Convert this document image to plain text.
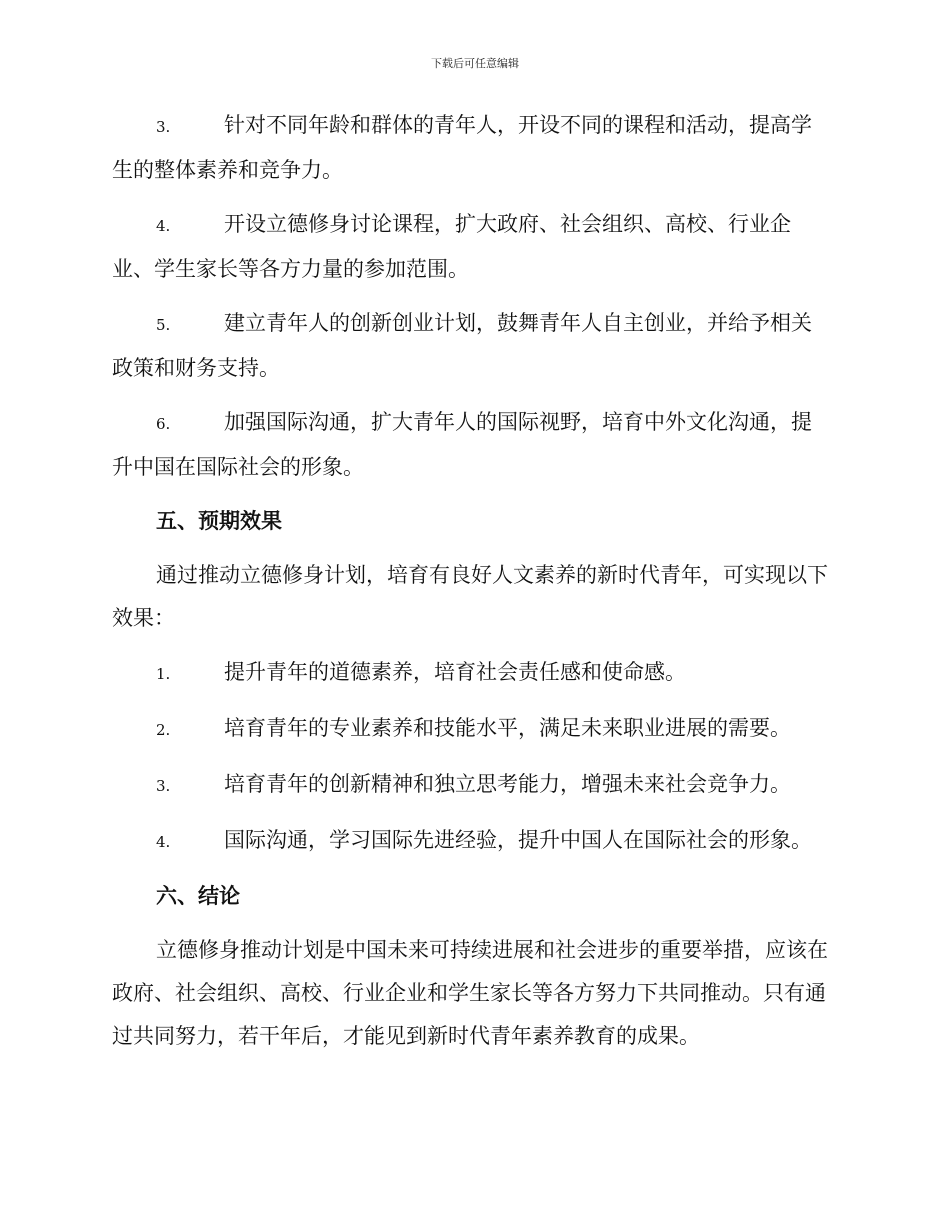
下载后可任意编辑
3.	针对不同年龄和群体的青年人，开设不同的课程和活动，提高学生的整体素养和竞争力。
4.	开设立德修身讨论课程，扩大政府、社会组织、高校、行业企业、学生家长等各方力量的参加范围。
5.	建立青年人的创新创业计划，鼓舞青年人自主创业，并给予相关政策和财务支持。
6.	加强国际沟通，扩大青年人的国际视野，培育中外文化沟通，提升中国在国际社会的形象。
五、预期效果
通过推动立德修身计划，培育有良好人文素养的新时代青年，可实现以下效果：
1.	提升青年的道德素养，培育社会责任感和使命感。
2.	培育青年的专业素养和技能水平，满足未来职业进展的需要。
3.	培育青年的创新精神和独立思考能力，增强未来社会竞争力。
4.	国际沟通，学习国际先进经验，提升中国人在国际社会的形象。
六、结论
立德修身推动计划是中国未来可持续进展和社会进步的重要举措，应该在政府、社会组织、高校、行业企业和学生家长等各方努力下共同推动。只有通过共同努力，若干年后，才能见到新时代青年素养教育的成果。
